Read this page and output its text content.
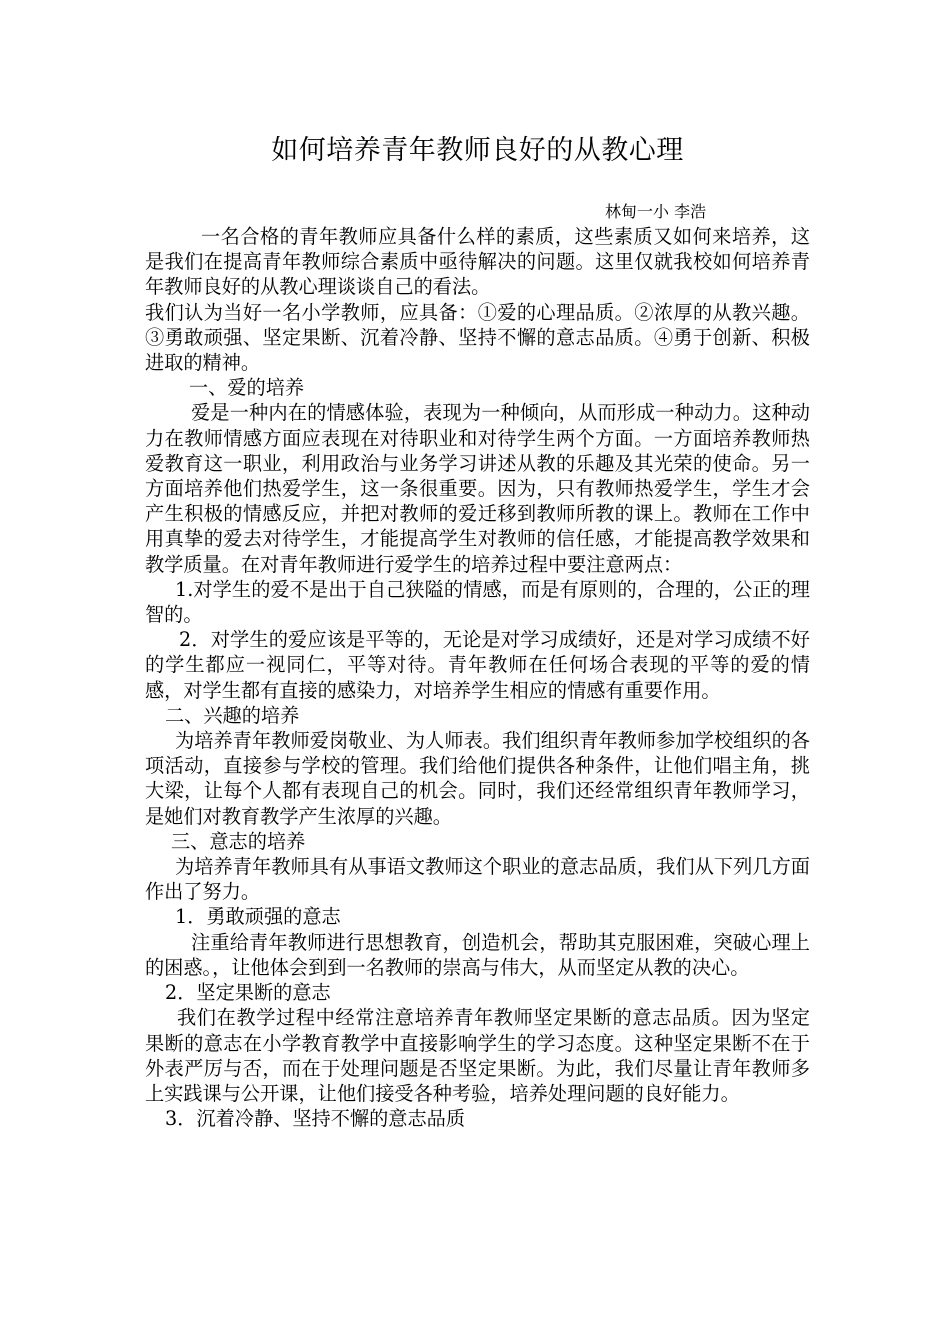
如何培养青年教师良好的从教心理
林甸一小 李浩

一名合格的青年教师应具备什么样的素质，这些素质又如何来培养，这是我们在提高青年教师综合素质中亟待解决的问题。这里仅就我校如何培养青年教师良好的从教心理谈谈自己的看法。

我们认为当好一名小学教师，应具备：①爱的心理品质。②浓厚的从教兴趣。③勇敢顽强、坚定果断、沉着冷静、坚持不懈的意志品质。④勇于创新、积极进取的精神。

一、爱的培养

爱是一种内在的情感体验，表现为一种倾向，从而形成一种动力。这种动力在教师情感方面应表现在对待职业和对待学生两个方面。一方面培养教师热爱教育这一职业，利用政治与业务学习讲述从教的乐趣及其光荣的使命。另一方面培养他们热爱学生，这一条很重要。因为，只有教师热爱学生，学生才会产生积极的情感反应，并把对教师的爱迁移到教师所教的课上。教师在工作中用真挚的爱去对待学生，才能提高学生对教师的信任感，才能提高教学效果和教学质量。在对青年教师进行爱学生的培养过程中要注意两点：

1.对学生的爱不是出于自己狭隘的情感，而是有原则的，合理的，公正的理智的。

2．对学生的爱应该是平等的，无论是对学习成绩好，还是对学习成绩不好的学生都应一视同仁，平等对待。青年教师在任何场合表现的平等的爱的情感，对学生都有直接的感染力，对培养学生相应的情感有重要作用。

二、兴趣的培养

为培养青年教师爱岗敬业、为人师表。我们组织青年教师参加学校组织的各项活动，直接参与学校的管理。我们给他们提供各种条件，让他们唱主角，挑大梁，让每个人都有表现自己的机会。同时，我们还经常组织青年教师学习，是她们对教育教学产生浓厚的兴趣。

三、意志的培养

为培养青年教师具有从事语文教师这个职业的意志品质，我们从下列几方面作出了努力。

1．勇敢顽强的意志

注重给青年教师进行思想教育，创造机会，帮助其克服困难，突破心理上的困惑。，让他体会到到一名教师的崇高与伟大，从而坚定从教的决心。

2．坚定果断的意志

我们在教学过程中经常注意培养青年教师坚定果断的意志品质。因为坚定果断的意志在小学教育教学中直接影响学生的学习态度。这种坚定果断不在于外表严厉与否，而在于处理问题是否坚定果断。为此，我们尽量让青年教师多上实践课与公开课，让他们接受各种考验，培养处理问题的良好能力。

3．沉着冷静、坚持不懈的意志品质
